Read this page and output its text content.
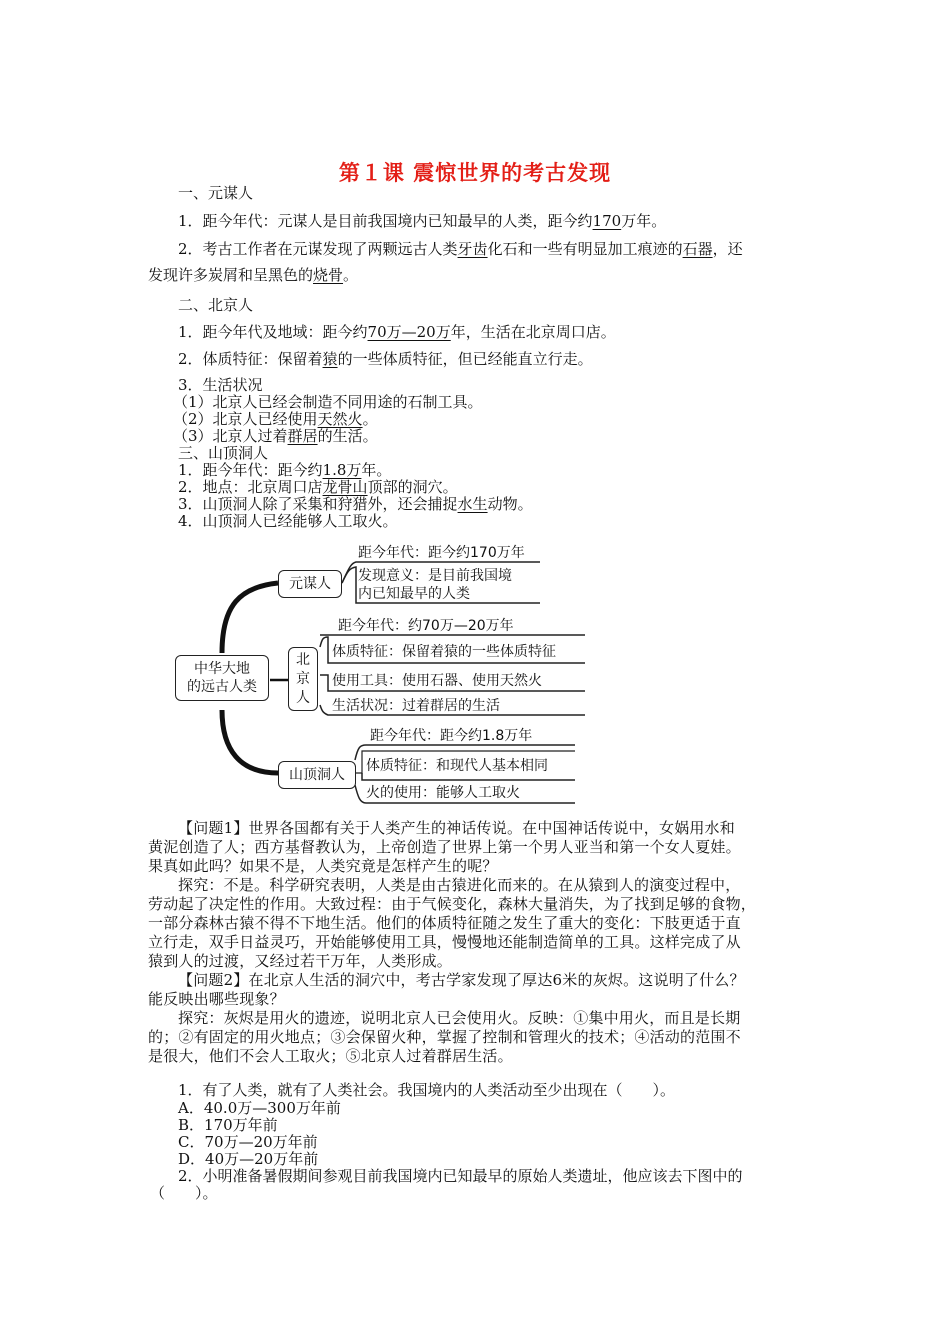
第１课 震惊世界的考古发现
一、元谋人
1．距今年代：元谋人是目前我国境内已知最早的人类，距今约170万年。
2．考古工作者在元谋发现了两颗远古人类牙齿化石和一些有明显加工痕迹的石器，还
发现许多炭屑和呈黑色的烧骨。
二、北京人
1．距今年代及地域：距今约70万—20万年，生活在北京周口店。
2．体质特征：保留着猿的一些体质特征，但已经能直立行走。
3．生活状况
（1）北京人已经会制造不同用途的石制工具。
（2）北京人已经使用天然火。
（3）北京人过着群居的生活。
三、山顶洞人
1．距今年代：距今约1.8万年。
2．地点：北京周口店龙骨山顶部的洞穴。
3．山顶洞人除了采集和狩猎外，还会捕捉水生动物。
4．山顶洞人已经能够人工取火。
中华大地
的远古人类
元谋人
距今年代：距今约170万年
发现意义：是目前我国境
内已知最早的人类
北
京
人
距今年代：约70万—20万年
体质特征：保留着猿的一些体质特征
使用工具：使用石器、使用天然火
生活状况：过着群居的生活
山顶洞人
距今年代：距今约1.8万年
体质特征：和现代人基本相同
火的使用：能够人工取火
【问题1】世界各国都有关于人类产生的神话传说。在中国神话传说中，女娲用水和
黄泥创造了人；西方基督教认为，上帝创造了世界上第一个男人亚当和第一个女人夏娃。
果真如此吗？如果不是，人类究竟是怎样产生的呢？
探究：不是。科学研究表明，人类是由古猿进化而来的。在从猿到人的演变过程中，
劳动起了决定性的作用。大致过程：由于气候变化，森林大量消失，为了找到足够的食物，
一部分森林古猿不得不下地生活。他们的体质特征随之发生了重大的变化：下肢更适于直
立行走，双手日益灵巧，开始能够使用工具，慢慢地还能制造简单的工具。这样完成了从
猿到人的过渡，又经过若干万年，人类形成。
【问题2】在北京人生活的洞穴中，考古学家发现了厚达6米的灰烬。这说明了什么？
能反映出哪些现象？
探究：灰烬是用火的遗迹，说明北京人已会使用火。反映：①集中用火，而且是长期
的；②有固定的用火地点；③会保留火种，掌握了控制和管理火的技术；④活动的范围不
是很大，他们不会人工取火；⑤北京人过着群居生活。
1．有了人类，就有了人类社会。我国境内的人类活动至少出现在（　　）。
A．40.0万—300万年前
B．170万年前
C．70万—20万年前
D．40万—20万年前
2．小明准备暑假期间参观目前我国境内已知最早的原始人类遗址，他应该去下图中的
（　　）。
